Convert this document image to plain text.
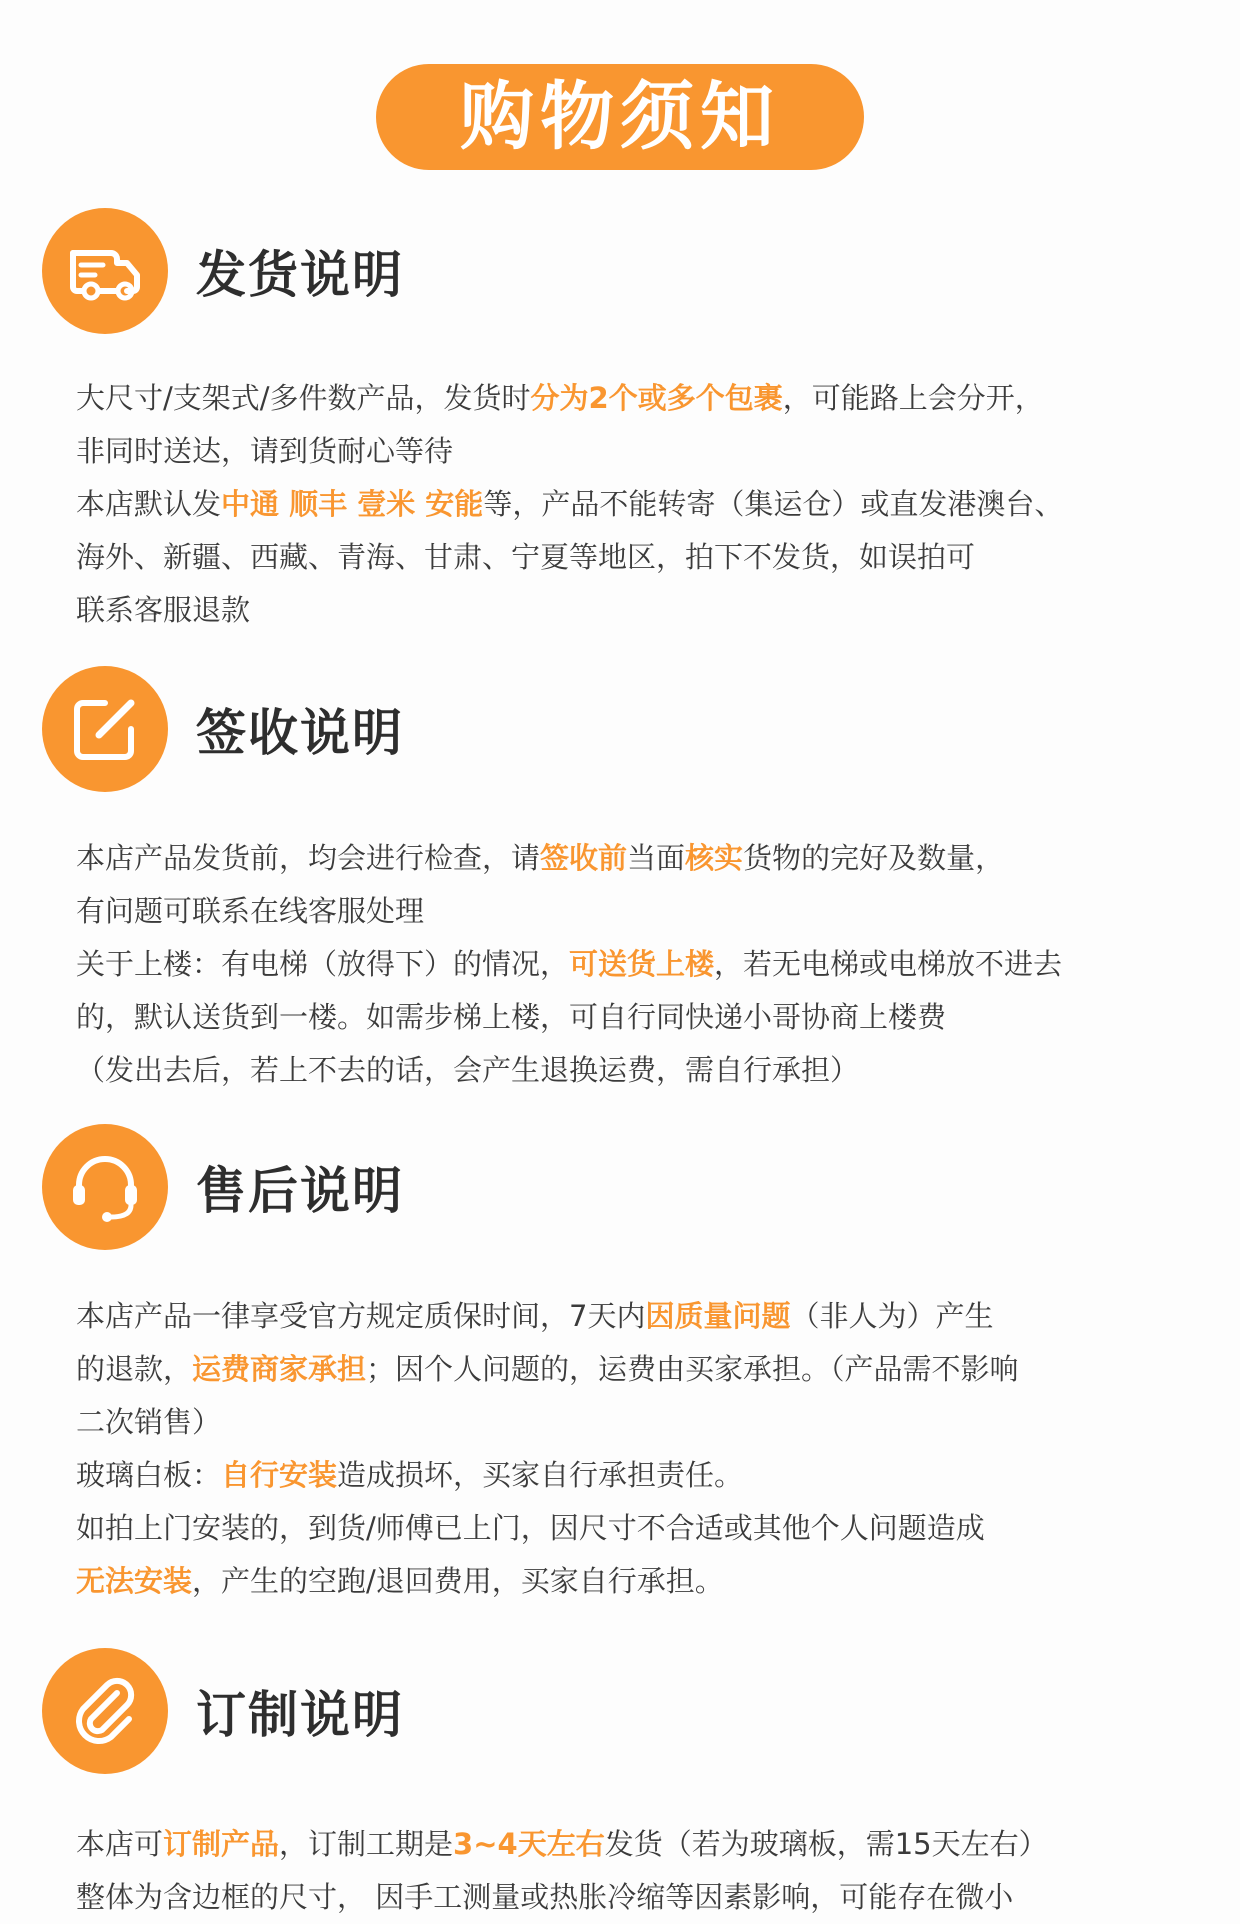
购物须知
发货说明
大尺寸/支架式/多件数产品，发货时分为2个或多个包裹，可能路上会分开，
非同时送达，请到货耐心等待
本店默认发中通 顺丰 壹米 安能等，产品不能转寄（集运仓）或直发港澳台、
海外、新疆、西藏、青海、甘肃、宁夏等地区，拍下不发货，如误拍可
联系客服退款
签收说明
本店产品发货前，均会进行检查，请签收前当面核实货物的完好及数量，
有问题可联系在线客服处理
关于上楼：有电梯（放得下）的情况，可送货上楼，若无电梯或电梯放不进去
的，默认送货到一楼。如需步梯上楼，可自行同快递小哥协商上楼费
（发出去后，若上不去的话，会产生退换运费，需自行承担）
售后说明
本店产品一律享受官方规定质保时间，7天内因质量问题（非人为）产生
的退款，运费商家承担；因个人问题的，运费由买家承担。（产品需不影响
二次销售）
玻璃白板：自行安装造成损坏，买家自行承担责任。
如拍上门安装的，到货/师傅已上门，因尺寸不合适或其他个人问题造成
无法安装，产生的空跑/退回费用，买家自行承担。
订制说明
本店可订制产品，订制工期是3~4天左右发货（若为玻璃板，需15天左右）
整体为含边框的尺寸， 因手工测量或热胀冷缩等因素影响，可能存在微小
